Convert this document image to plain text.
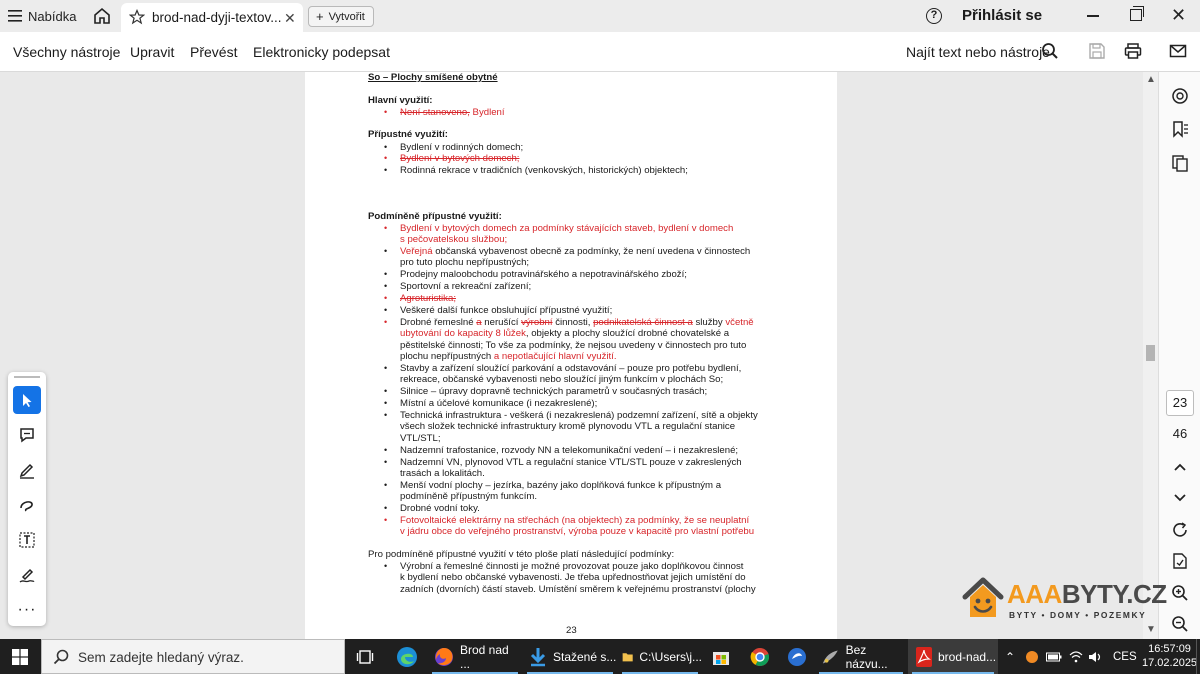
Nabídka	brod-nad-dyji-textov... ✕ + Vytvořit	?	Přihlásit se	✕
Všechny nástroje Upravit Převést Elektronicky podepsat	Najít text nebo nástroje
So – Plochy smíšené obytné
Hlavní využití:
• Není stanoveno, Bydlení
Přípustné využití:
• Bydlení v rodinných domech;
• Bydlení v bytových domech;
• Rodinná rekrace v tradičních (venkovských, historických) objektech;
Podmíněně přípustné využití:
• Bydlení v bytových domech za podmínky stávajících staveb, bydlení v domech
s pečovatelskou službou;
• Veřejná občanská vybavenost obecně za podmínky, že není uvedena v činnostech
pro tuto plochu nepřípustných;
• Prodejny maloobchodu potravinářského a nepotravinářského zboží;
• Sportovní a rekreační zařízení;
• Agroturistika;
• Veškeré další funkce obsluhující přípustné využití;
• Drobné řemeslné a nerušící výrobní činnosti, podnikatelská činnost a služby včetně
ubytování do kapacity 8 lůžek, objekty a plochy sloužící drobné chovatelské a
pěstitelské činnosti; To vše za podmínky, že nejsou uvedeny v činnostech pro tuto
plochu nepřípustných a nepotlačující hlavní využití.
• Stavby a zařízení sloužící parkování a odstavování – pouze pro potřebu bydlení,
rekreace, občanské vybavenosti nebo sloužící jiným funkcím v plochách So;
• Silnice – úpravy dopravně technických parametrů v současných trasách;
• Místní a účelové komunikace (i nezakreslené);
• Technická infrastruktura - veškerá (i nezakreslená) podzemní zařízení, sítě a objekty
všech složek technické infrastruktury kromě plynovodu VTL a regulační stanice
VTL/STL;
• Nadzemní trafostanice, rozvody NN a telekomunikační vedení – i nezakreslené;
• Nadzemní VN, plynovod VTL a regulační stanice VTL/STL pouze v zakreslených
trasách a lokalitách.
• Menší vodní plochy – jezírka, bazény jako doplňková funkce k přípustným a
podmíněně přípustným funkcím.
• Drobné vodní toky.
• Fotovoltaické elektrárny na střechách (na objektech) za podmínky, že se neuplatní
v jádru obce do veřejného prostranství, výroba pouze v kapacitě pro vlastní potřebu
Pro podmíněně přípustné využití v této ploše platí následující podmínky:
• Výrobní a řemeslné činnosti je možné provozovat pouze jako doplňkovou činnost
k bydlení nebo občanské vybavenosti. Je třeba upřednostňovat jejich umístění do
zadních (dvorních) částí staveb. Umístění směrem k veřejnému prostranství (plochy
23
▲
▼
23
46
···
AAABYTY.CZ
BYTY • DOMY • POZEMKY
Sem zadejte hledaný výraz.
Brod nad ...	Stažené s... C:\Users\j...	Bez názvu...	brod-nad... ⌃	CES
16:57:09
17.02.2025
